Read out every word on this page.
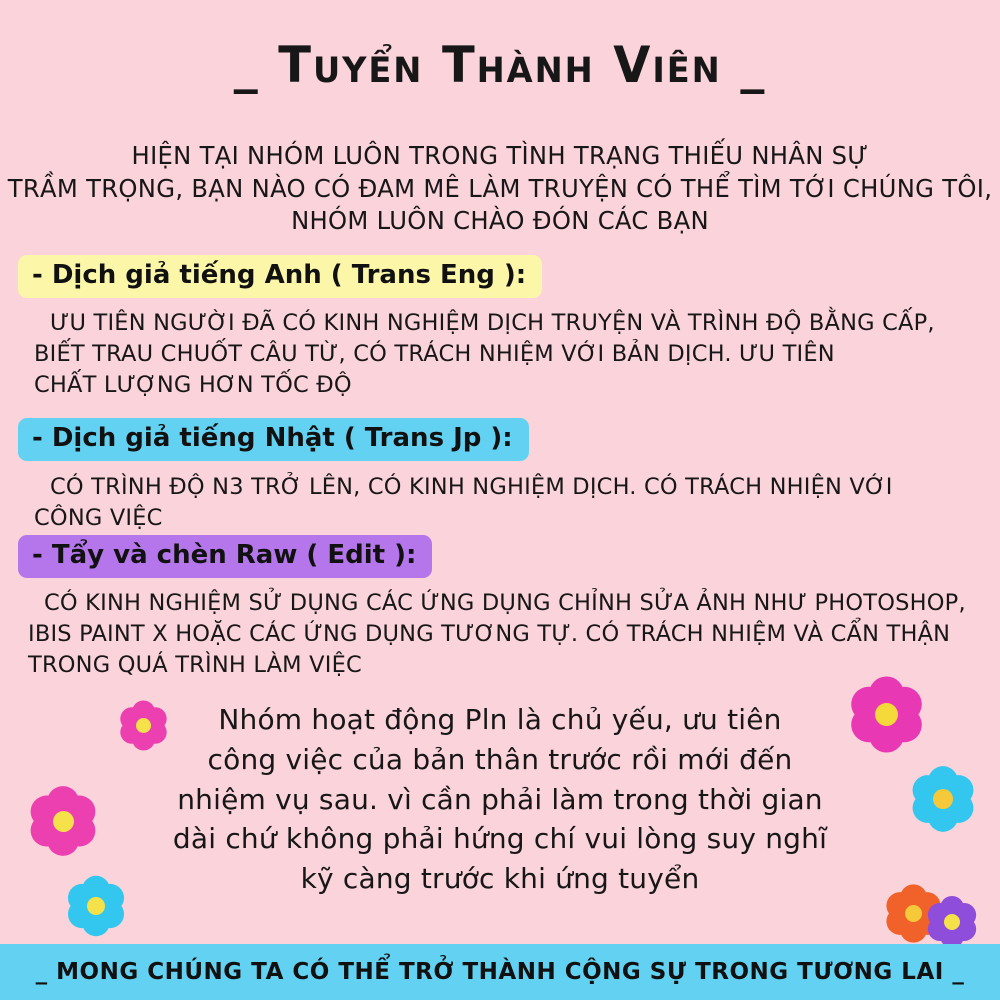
_ Tuyển Thành Viên _
HIỆN TẠI NHÓM LUÔN TRONG TÌNH TRẠNG THIẾU NHÂN SỰ
TRẦM TRỌNG, BẠN NÀO CÓ ĐAM MÊ LÀM TRUYỆN CÓ THỂ TÌM TỚI CHÚNG TÔI,
NHÓM LUÔN CHÀO ĐÓN CÁC BẠN
- Dịch giả tiếng Anh ( Trans Eng ):
ƯU TIÊN NGƯỜI ĐÃ CÓ KINH NGHIỆM DỊCH TRUYỆN VÀ TRÌNH ĐỘ BẰNG CẤP,
BIẾT TRAU CHUỐT CÂU TỪ, CÓ TRÁCH NHIỆM VỚI BẢN DỊCH. ƯU TIÊN
CHẤT LƯỢNG HƠN TỐC ĐỘ
- Dịch giả tiếng Nhật ( Trans Jp ):
CÓ TRÌNH ĐỘ N3 TRỞ LÊN, CÓ KINH NGHIỆM DỊCH. CÓ TRÁCH NHIỆN VỚI
CÔNG VIỆC
- Tẩy và chèn Raw ( Edit ):
CÓ KINH NGHIỆM SỬ DỤNG CÁC ỨNG DỤNG CHỈNH SỬA ẢNH NHƯ PHOTOSHOP,
IBIS PAINT X HOẶC CÁC ỨNG DỤNG TƯƠNG TỰ. CÓ TRÁCH NHIỆM VÀ CẨN THẬN
TRONG QUÁ TRÌNH LÀM VIỆC
Nhóm hoạt động Pln là chủ yếu, ưu tiên
công việc của bản thân trước rồi mới đến
nhiệm vụ sau. vì cần phải làm trong thời gian
dài chứ không phải hứng chí vui lòng suy nghĩ
kỹ càng trước khi ứng tuyển
_ MONG CHÚNG TA CÓ THỂ TRỞ THÀNH CỘNG SỰ TRONG TƯƠNG LAI _
